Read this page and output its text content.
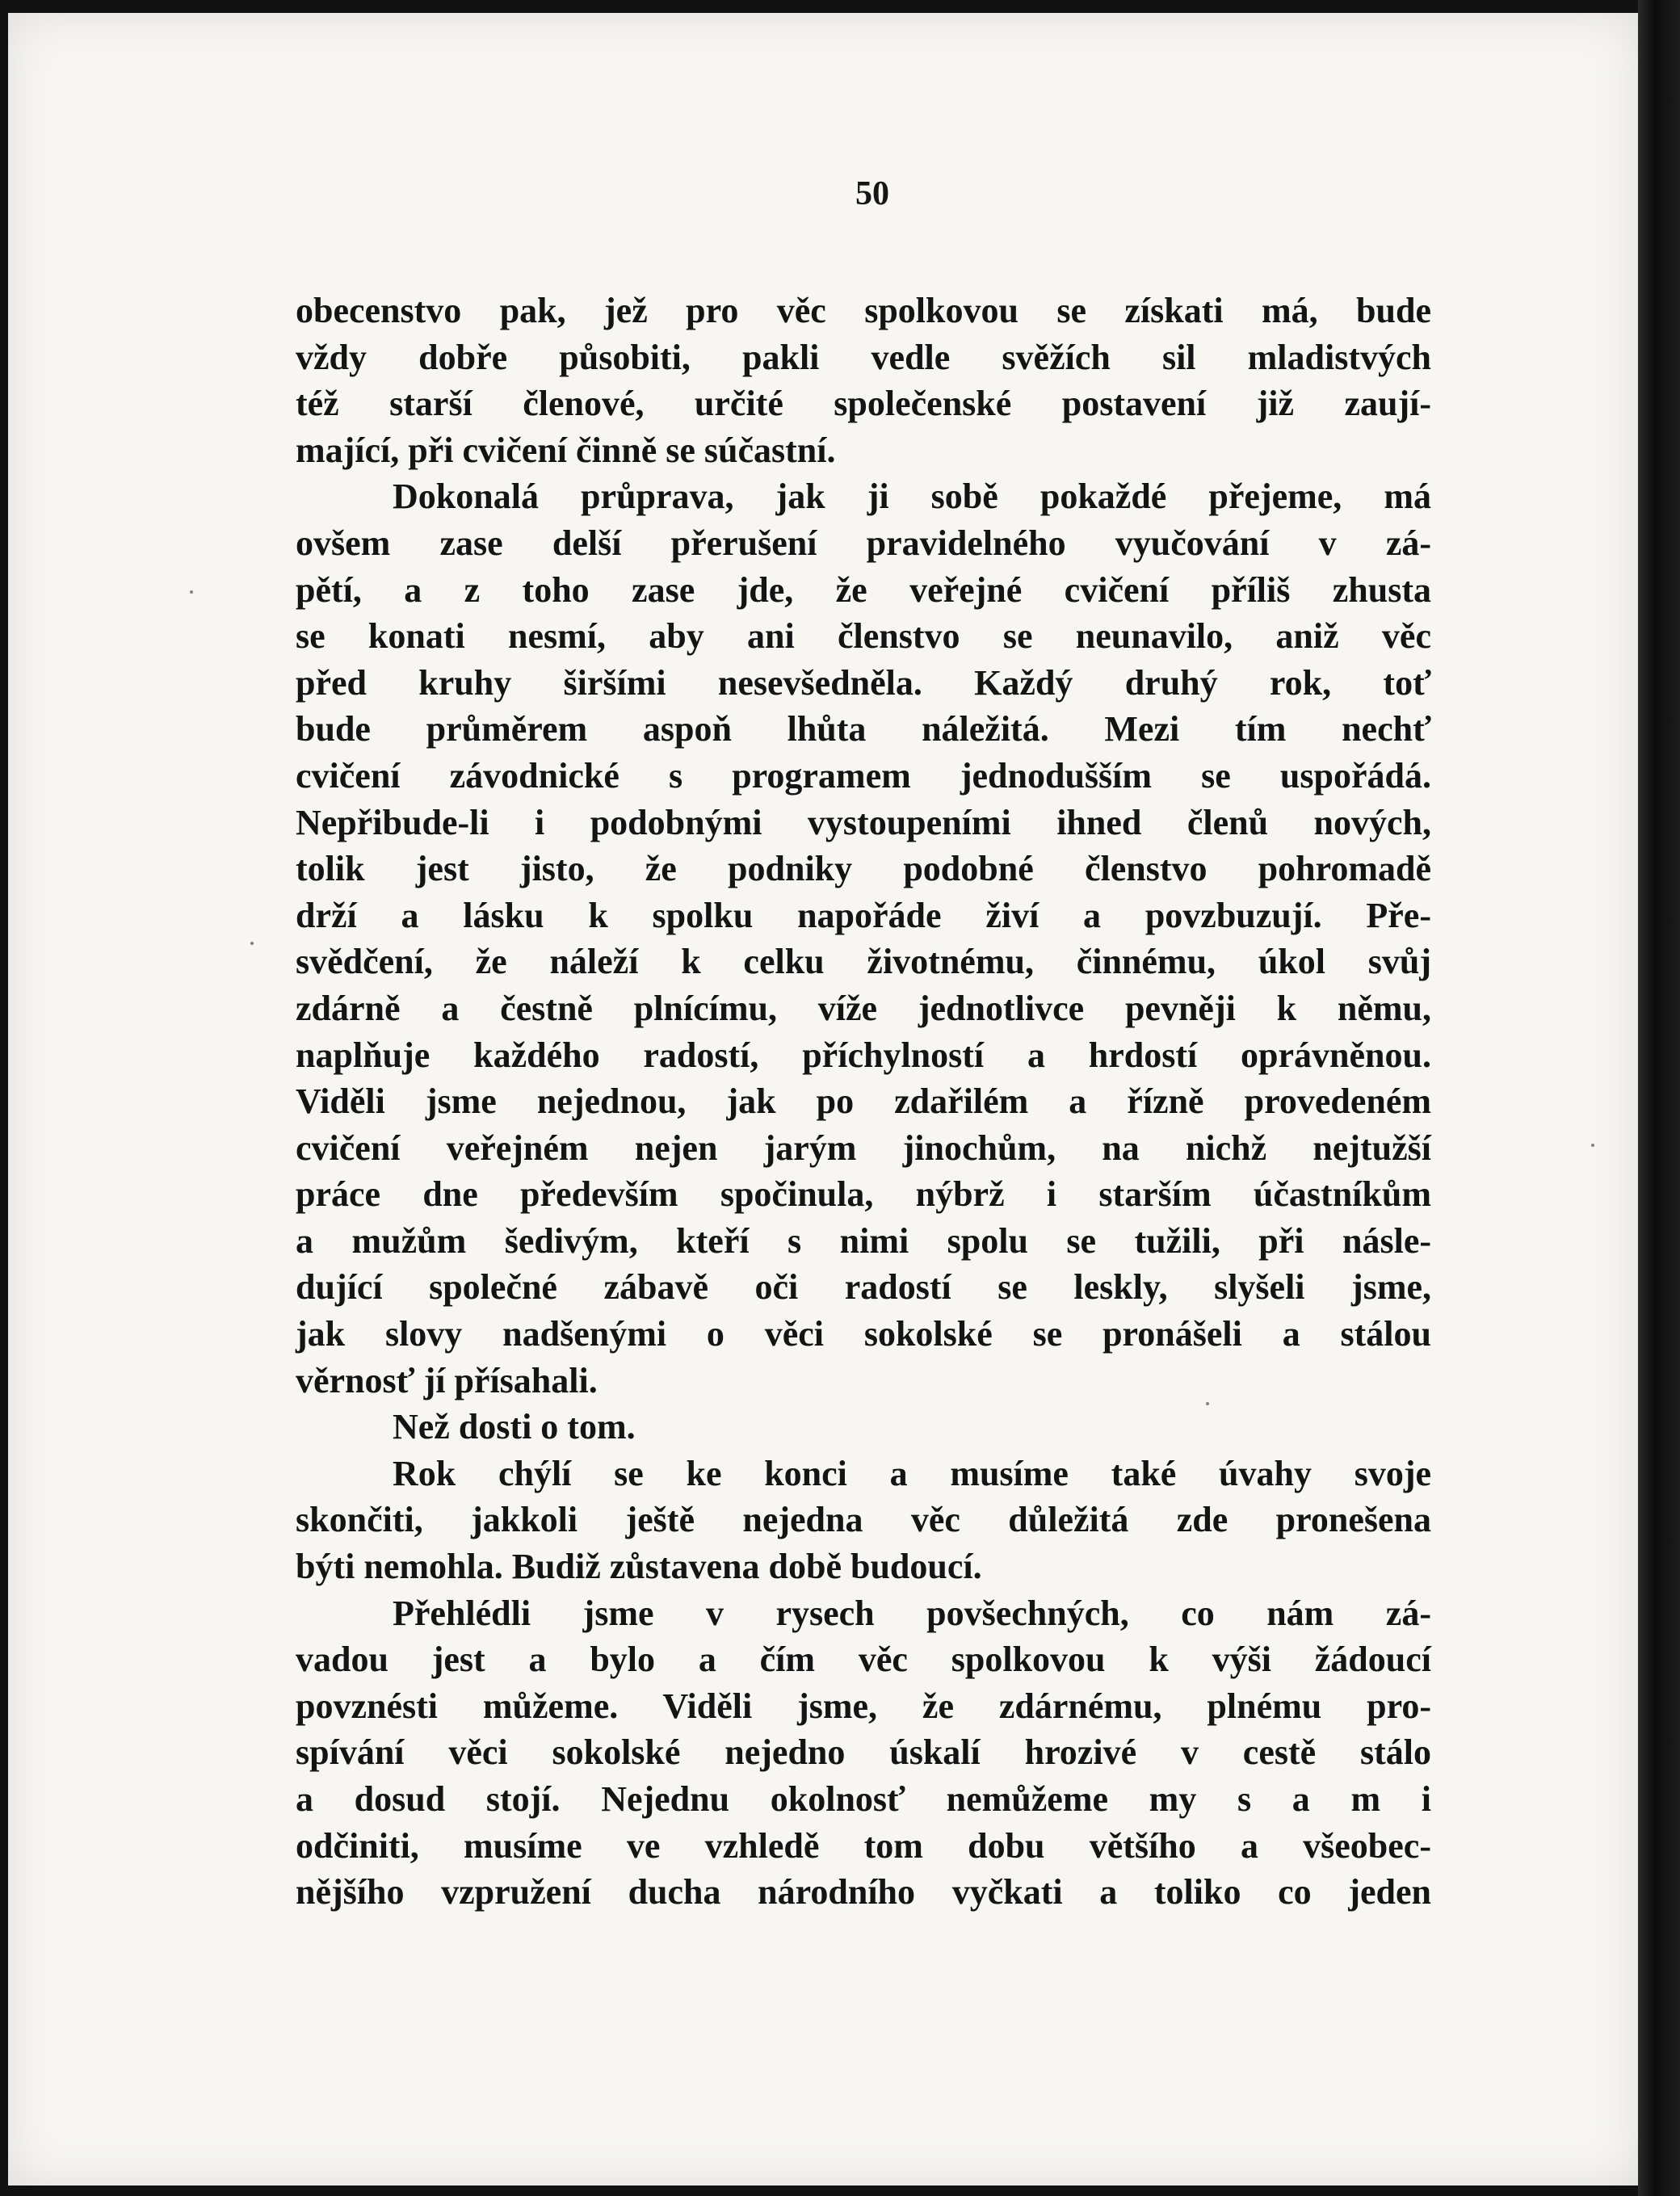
50
obecenstvo pak, jež pro věc spolkovou se získati má, bude
vždy dobře působiti, pakli vedle svěžích sil mladistvých
též starší členové, určité společenské postavení již zaují-
mající, při cvičení činně se súčastní.
Dokonalá průprava, jak ji sobě pokaždé přejeme, má
ovšem zase delší přerušení pravidelného vyučování v zá-
pětí, a z toho zase jde, že veřejné cvičení příliš zhusta
se konati nesmí, aby ani členstvo se neunavilo, aniž věc
před kruhy širšími nesevšedněla. Každý druhý rok, toť
bude průměrem aspoň lhůta náležitá. Mezi tím nechť
cvičení závodnické s programem jednodušším se uspořádá.
Nepřibude-li i podobnými vystoupeními ihned členů nových,
tolik jest jisto, že podniky podobné členstvo pohromadě
drží a lásku k spolku napořáde živí a povzbuzují. Pře-
svědčení, že náleží k celku životnému, činnému, úkol svůj
zdárně a čestně plnícímu, víže jednotlivce pevněji k němu,
naplňuje každého radostí, příchylností a hrdostí oprávněnou.
Viděli jsme nejednou, jak po zdařilém a řízně provedeném
cvičení veřejném nejen jarým jinochům, na nichž nejtužší
práce dne především spočinula, nýbrž i starším účastníkům
a mužům šedivým, kteří s nimi spolu se tužili, při násle-
dující společné zábavě oči radostí se leskly, slyšeli jsme,
jak slovy nadšenými o věci sokolské se pronášeli a stálou
věrnosť jí přísahali.
Než dosti o tom.
Rok chýlí se ke konci a musíme také úvahy svoje
skončiti, jakkoli ještě nejedna věc důležitá zde pronešena
býti nemohla. Budiž zůstavena době budoucí.
Přehlédli jsme v rysech povšechných, co nám zá-
vadou jest a bylo a čím věc spolkovou k výši žádoucí
povznésti můžeme. Viděli jsme, že zdárnému, plnému pro-
spívání věci sokolské nejedno úskalí hrozivé v cestě stálo
a dosud stojí. Nejednu okolnosť nemůžeme my s a m i
odčiniti, musíme ve vzhledě tom dobu většího a všeobec-
nějšího vzpružení ducha národního vyčkati a toliko co jeden
